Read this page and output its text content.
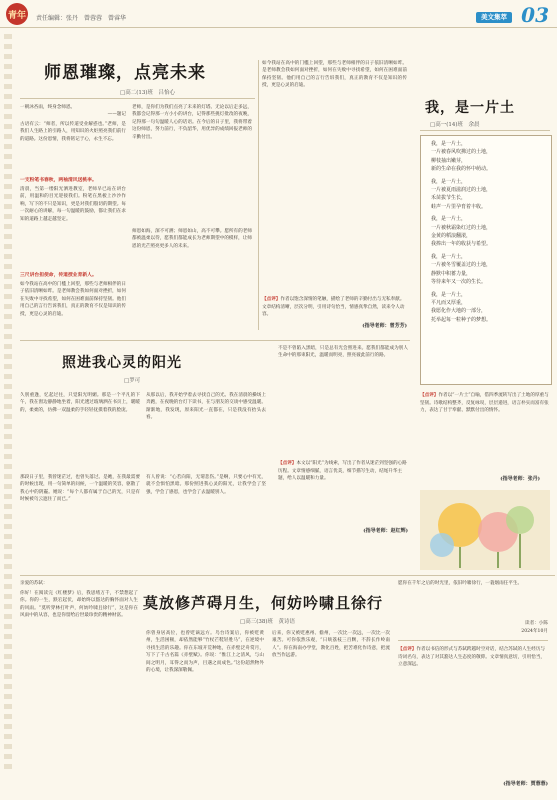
青年	责任编辑：张丹　曾蓉蓉　曾睿华	美文集萃 03
师恩璀璨，点亮未来
□高二(13)班　吕怡心
一朝沐杏雨，终身念师恩。
——题记
古语有云：“师者，所以传道受业解惑也。”老师，是我们人生路上的引路人，用知识的火炬照亮我们前行的道路。这份恩情，我将铭记于心，永生不忘。
一支粉笔书春秋，两袖清风送桃李。
清晨，当第一缕阳光洒进教室，老师早已站在讲台前，用温和的目光迎接我们。粉笔在黑板上沙沙作响，写下的不只是知识，更是对我们殷切的期望。每一次耐心的讲解，每一句温暖的鼓励，都让我们在求知的道路上越走越坚定。
三尺讲台担使命，传道授业育新人。
如今我站在高中的门槛上回望，那些与老师相伴的日子依旧清晰如昨。是老师教会我如何面对挫折，如何在失败中寻找希望，如何在困难面前保持坚韧。他们用自己的言行告诉我们，真正的教育不仅是知识的传授，更是心灵的启迪。
老师，是你们为我们点亮了未来的灯塔。无论以后走多远，我都会记得那一方小小的讲台，记得那些挑灯批改的夜晚，记得那一句句温暖人心的话语。在今后的日子里，我将带着这份师恩，努力前行，不负韶华，用优异的成绩回报老师的辛勤付出。
师恩如海，深不可测；师恩如山，高不可攀。愿所有的老师都被温柔以待，愿我们都能成长为老师期望中的模样，让师恩的光芒照亮更多人的未来。
如今我站在高中的门槛上回望，那些与老师相伴的日子依旧清晰如昨。是老师教会我如何面对挫折，如何在失败中寻找希望，如何在困难面前保持坚韧。他们用自己的言行告诉我们，真正的教育不仅是知识的传授，更是心灵的启迪。
【点评】作者以饱含深情的笔触，描绘了老师的辛勤付出与无私奉献。文章结构清晰，层次分明，引用诗句恰当，情感真挚自然，读来令人动容。
(指导老师：曾芳芳)
我，是一片土
□高一(14)班　余晨
我，是一片土，
一片被春风吹拂过的土地，
柳枝抽出嫩芽，
新的生命在我的怀中萌动。
我，是一片土，
一片被夏雨滋润过的土地，
禾苗拔节生长，
蛙声一片里孕育着丰收。
我，是一片土，
一片被秋霜染红过的土地，
金黄的稻浪翻滚，
我捧出一年的收获与希望。
我，是一片土，
一片被冬雪覆盖过的土地，
静默中积蓄力量，
等待来年又一次的生长。
我，是一片土，
平凡而又厚重，
我愿化作大地的一部分，
托举起每一粒种子的梦想。
【点评】作者以“一片土”自喻，借四季流转写出了土地的厚重与坚韧。诗歌结构整齐，反复咏叹，层层递进，语言朴实而富有张力，表达了甘于奉献、默默付出的情怀。
(指导老师：张丹)
照进我心灵的阳光
□罗可
久别重逢，忆起过往，只觉阳光明媚。那是一个平凡的下午，我在窗边静静地坐着，阳光透过玻璃洒在书页上，暖暖的，柔柔的，仿佛一双温柔的手轻轻抚摸着我的脸庞。
那段日子里，我曾迷茫过，也曾失落过。是她，在我最需要的时候出现，用一句简单的问候，一个温暖的笑容，驱散了我心中的阴霾。她说：“每个人都有属于自己的光，只是有时候被乌云遮住了而已。”
从那以后，我开始学着去寻找自己的光。我在清晨的操场上奔跑，在夜晚的台灯下读书，在与朋友的交谈中感受温暖。渐渐地，我发现，原来阳光一直都在，只是我没有抬头去看。
有人曾说：“心若向阳，无谓悲伤。”是啊，只要心中有光，就不会惧怕黑暗。那份照进我心灵的阳光，让我学会了坚强，学会了感恩，也学会了去温暖别人。
不是不曾陷入黑暗，只是总有光会照进来。愿我们都能成为别人生命中的那束阳光，温暖而明亮，照亮彼此前行的路。
【点评】本文以“阳光”为线索，写出了作者从迷茫到坚强的心路历程。文章情感细腻，语言优美，细节描写生动，结尾升华主题，给人以温暖和力量。
(指导老师：赵红辉)
莫放修芦碍月生，何妨吟啸且徐行
□高三(38)班　黄诗语
亲爱的苏轼：
你好！在阅读完《红楼梦》后，我思绪万千，不禁想起了你。你的一生，跌宕起伏，却始终以豁达的胸怀面对人生的风雨。“莫听穿林打叶声，何妨吟啸且徐行”，这是你在风雨中的从容，也是你留给后世最珍贵的精神财富。
你曾身居高位，也曾贬谪远方。乌台诗案后，你被贬黄州，生活困顿，却依然能够“竹杖芒鞋轻胜马”，在逆境中寻找生活的乐趣。你在东坡开荒种地，在赤壁泛舟赏月，写下了千古名篇《赤壁赋》。你说：“惟江上之清风，与山间之明月，耳得之而为声，目遇之而成色。”这份超然物外的心境，让我深深敬佩。
后来，你又被贬惠州、儋州，一次比一次远，一次比一次艰苦。可你依然乐观，“日啖荔枝三百颗，不辞长作岭南人”。你在海南办学堂，教化百姓，把苦难化作诗意，把流放当作远游。
愿你在千年之后的时光里，依旧吟啸徐行，一蓑烟雨任平生。
读者：小陈
2024年10月
【点评】作者以书信的形式与苏轼跨越时空对话，结合苏轼的人生经历与诗词名句，表达了对其豁达人生态度的敬仰。文章情真意切，引用恰当，立意深远。
(指导老师：贾蓉蓉)
